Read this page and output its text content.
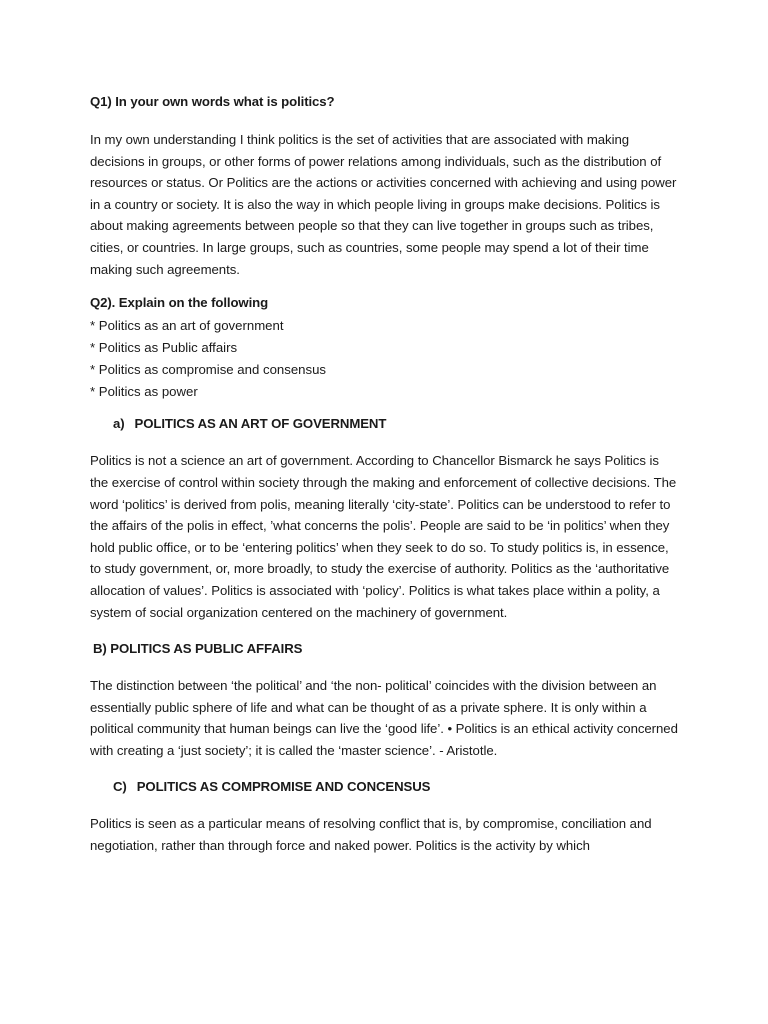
Q1) In your own words what is politics?

In my own understanding I think politics is the set of activities that are associated with making decisions in groups, or other forms of power relations among individuals, such as the distribution of resources or status. Or Politics are the actions or activities concerned with achieving and using power in a country or society. It is also the way in which people living in groups make decisions. Politics is about making agreements between people so that they can live together in groups such as tribes, cities, or countries. In large groups, such as countries, some people may spend a lot of their time making such agreements.

Q2). Explain on the following

* Politics as an art of government
* Politics as Public affairs
* Politics as compromise and consensus
* Politics as power

a) POLITICS AS AN ART OF GOVERNMENT

Politics is not a science an art of government. According to Chancellor Bismarck he says Politics is the exercise of control within society through the making and enforcement of collective decisions. The word ‘politics’ is derived from polis, meaning literally ‘city-state’. Politics can be understood to refer to the affairs of the polis in effect, ’what concerns the polis’. People are said to be ‘in politics’ when they hold public office, or to be ‘entering politics’ when they seek to do so. To study politics is, in essence, to study government, or, more broadly, to study the exercise of authority. Politics as the ‘authoritative allocation of values’. Politics is associated with ‘policy’. Politics is what takes place within a polity, a system of social organization centered on the machinery of government.

B) POLITICS AS PUBLIC AFFAIRS

The distinction between ‘the political’ and ‘the non- political’ coincides with the division between an essentially public sphere of life and what can be thought of as a private sphere. It is only within a political community that human beings can live the ‘good life’. • Politics is an ethical activity concerned with creating a ‘just society’; it is called the ‘master science’. - Aristotle.

C) POLITICS AS COMPROMISE AND CONCENSUS

Politics is seen as a particular means of resolving conflict that is, by compromise, conciliation and negotiation, rather than through force and naked power. Politics is the activity by which
